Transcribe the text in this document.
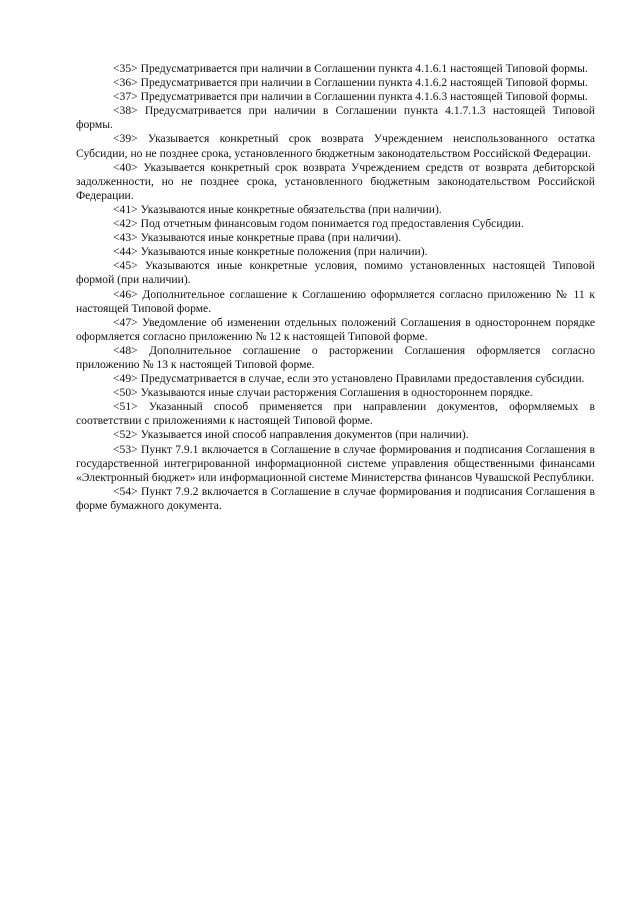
<35> Предусматривается при наличии в Соглашении пункта 4.1.6.1 настоящей Типовой формы.

<36> Предусматривается при наличии в Соглашении пункта 4.1.6.2 настоящей Типовой формы.

<37> Предусматривается при наличии в Соглашении пункта 4.1.6.3 настоящей Типовой формы.

<38> Предусматривается при наличии в Соглашении пункта 4.1.7.1.3 настоящей Типовой формы.

<39> Указывается конкретный срок возврата Учреждением неиспользованного остатка Субсидии, но не позднее срока, установленного бюджетным законодательством Российской Федерации.

<40> Указывается конкретный срок возврата Учреждением средств от возврата дебиторской задолженности, но не позднее срока, установленного бюджетным законодательством Российской Федерации.

<41> Указываются иные конкретные обязательства (при наличии).

<42> Под отчетным финансовым годом понимается год предоставления Субсидии.

<43> Указываются иные конкретные права (при наличии).

<44> Указываются иные конкретные положения (при наличии).

<45> Указываются иные конкретные условия, помимо установленных настоящей Типовой формой (при наличии).

<46> Дополнительное соглашение к Соглашению оформляется согласно приложению № 11 к настоящей Типовой форме.

<47> Уведомление об изменении отдельных положений Соглашения в одностороннем порядке оформляется согласно приложению № 12 к настоящей Типовой форме.

<48> Дополнительное соглашение о расторжении Соглашения оформляется согласно приложению № 13 к настоящей Типовой форме.

<49> Предусматривается в случае, если это установлено Правилами предоставления субсидии.

<50> Указываются иные случаи расторжения Соглашения в одностороннем порядке.

<51> Указанный способ применяется при направлении документов, оформляемых в соответствии с приложениями к настоящей Типовой форме.

<52> Указывается иной способ направления документов (при наличии).

<53> Пункт 7.9.1 включается в Соглашение в случае формирования и подписания Соглашения в государственной интегрированной информационной системе управления общественными финансами «Электронный бюджет» или информационной системе Министерства финансов Чувашской Республики.

<54> Пункт 7.9.2 включается в Соглашение в случае формирования и подписания Соглашения в форме бумажного документа.
